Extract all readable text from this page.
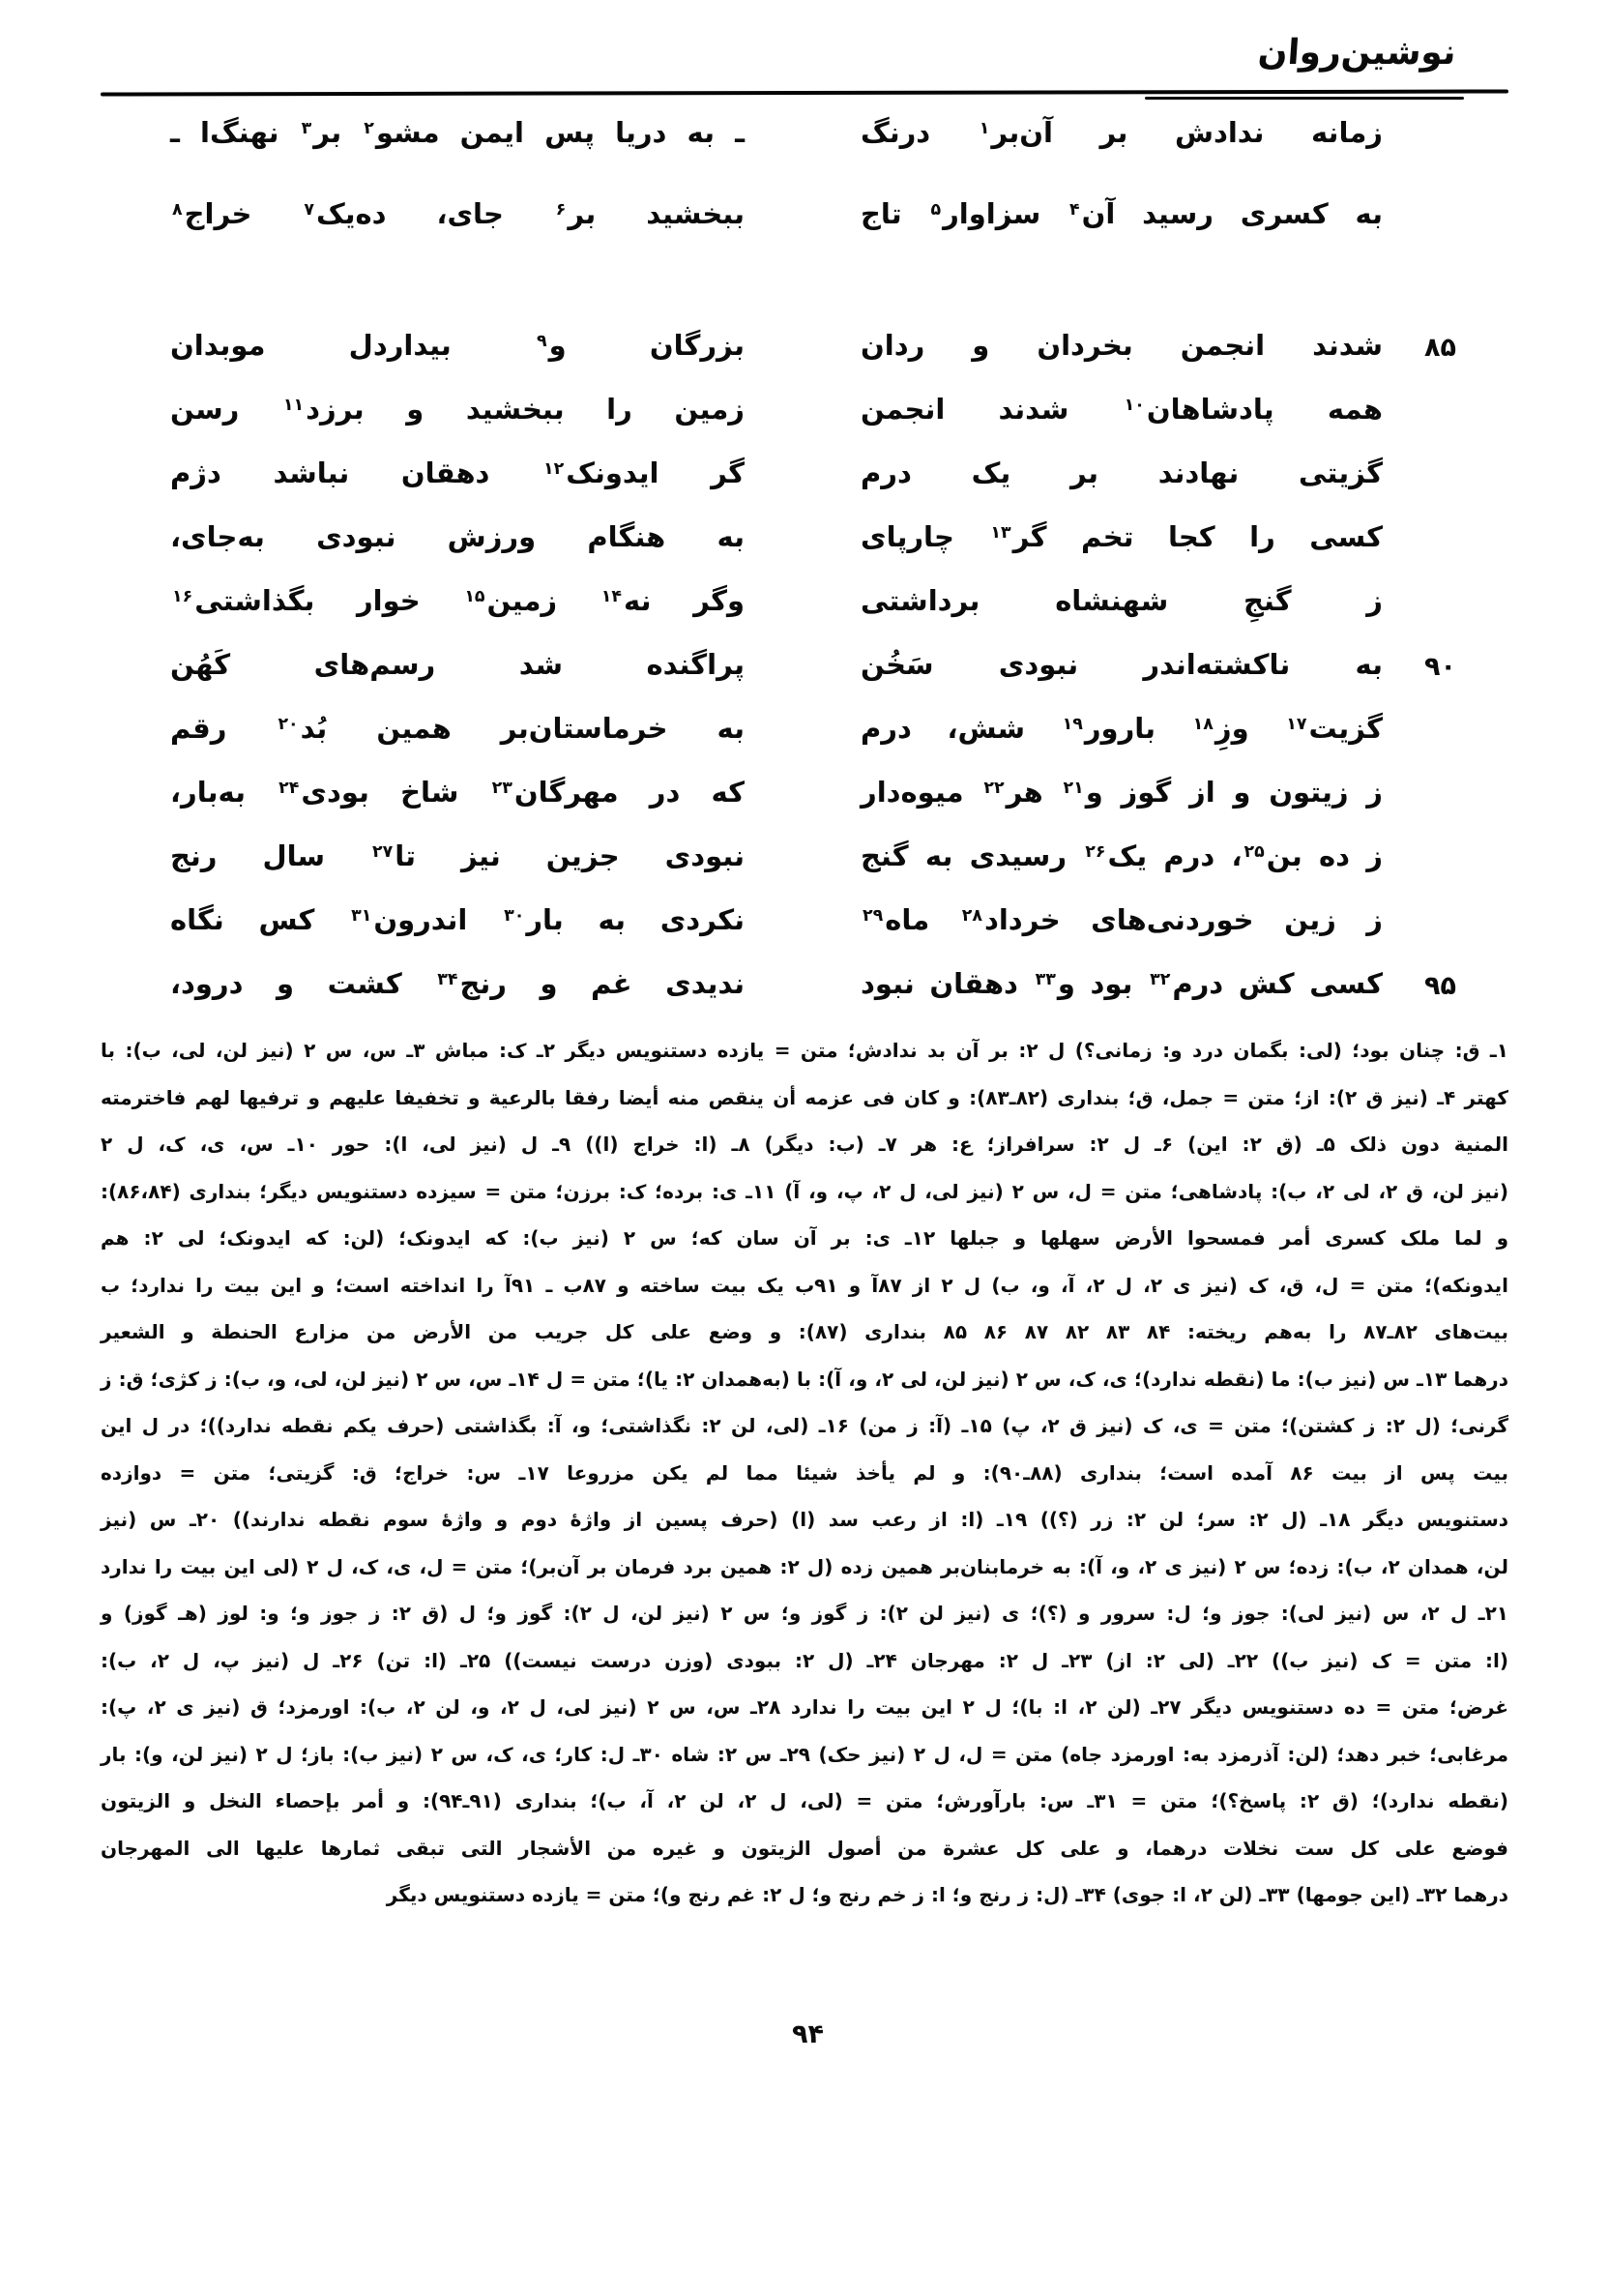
نوشین‌روان
زمانه ندادش بر آن‌بر$^۱$ درنگ
ـ به دریا پس ایمن مشو$^۲$ بر$^۳$ نهنگ‌ا ـ
به کسری رسید آن$^۴$ سزاوار$^۵$ تاج
ببخشید بر$^۶$ جای، ده‌یک$^۷$ خراج$^۸$
۸۵
شدند انجمن بخردان و ردان
بزرگان و$^۹$ بیداردل موبدان
همه پادشاهان$^{۱۰}$ شدند انجمن
زمین را ببخشید و برزد$^{۱۱}$ رسن
گزیتی نهادند بر یک درم
گر ایدونک$^{۱۲}$ دهقان نباشد دژم
کسی را کجا تخم گر$^{۱۳}$ چارپای
به هنگام ورزش نبودی به‌جای،
ز گنجِ شهنشاه برداشتی
وگر نه$^{۱۴}$ زمین$^{۱۵}$ خوار بگذاشتی$^{۱۶}$
۹۰
به ناکشته‌اندر نبودی سَخُن
پراگنده شد رسم‌های کَهُن
گزیت$^{۱۷}$ وزِ$^{۱۸}$ بارور$^{۱۹}$ شش، درم
به خرماستان‌بر همین بُد$^{۲۰}$ رقم
ز زیتون و از گوز و$^{۲۱}$ هر$^{۲۲}$ میوه‌دار
که در مهرگان$^{۲۳}$ شاخ بودی$^{۲۴}$ به‌بار،
ز ده بن$^{۲۵}$، درم یک$^{۲۶}$ رسیدی به گنج
نبودی جزین نیز تا$^{۲۷}$ سال رنج
ز زین خوردنی‌های خرداد$^{۲۸}$ ماه$^{۲۹}$
نکردی به بار$^{۳۰}$ اندرون$^{۳۱}$ کس نگاه
۹۵
کسی کش درم$^{۳۲}$ بود و$^{۳۳}$ دهقان نبود
ندیدی غم و رنج$^{۳۴}$ کشت و درود،
۱ـ ق: چنان بود؛ (لی: بگمان درد و: زمانی؟) ل ۲: بر آن بد ندادش؛ متن = یازده دستنویس دیگر ۲ـ ک: مباش ۳ـ س، س ۲ (نیز لن، لی، ب): با
کهتر ۴ـ (نیز ق ۲): از؛ متن = جمل، ق؛ بنداری (۸۲ـ۸۳): و کان فی عزمه أن ینقص منه أیضا رفقا بالرعیة و تخفیفا علیهم و ترفیها لهم فاخترمته
المنیة دون ذلک ۵ـ (ق ۲: این) ۶ـ ل ۲: سرافراز؛ ع: هر ۷ـ (ب: دیگر) ۸ـ (ا: خراج (ا)) ۹ـ ل (نیز لی، ا): حور ۱۰ـ س، ی، ک، ل ۲
(نیز لن، ق ۲، لی ۲، ب): پادشاهی؛ متن = ل، س ۲ (نیز لی، ل ۲، پ، و، آ) ۱۱ـ ی: برده؛ ک: برزن؛ متن = سیزده دستنویس دیگر؛ بنداری (۸۶،۸۴):
و لما ملک کسری أمر فمسحوا الأرض سهلها و جبلها ۱۲ـ ی: بر آن سان که؛ س ۲ (نیز ب): که ایدونک؛ (لن: که ایدونک؛ لی ۲: هم
ایدونکه)؛ متن = ل، ق، ک (نیز ی ۲، ل ۲، آ، و، ب) ل ۲ از ۸۷آ و ۹۱ب یک بیت ساخته و ۸۷ب ـ ۹۱آ را انداخته است؛ و این بیت را ندارد؛ ب
بیت‌های ۸۲ـ۸۷ را به‌هم ریخته: ۸۴ ۸۳ ۸۲ ۸۷ ۸۶ ۸۵ بنداری (۸۷): و وضع علی کل جریب من الأرض من مزارع الحنطة و الشعیر
درهما ۱۳ـ س (نیز ب): ما (نقطه ندارد)؛ ی، ک، س ۲ (نیز لن، لی ۲، و، آ): با (به‌همدان ۲: یا)؛ متن = ل ۱۴ـ س، س ۲ (نیز لن، لی، و، ب): ز کژی؛ ق: ز
گرنی؛ (ل ۲: ز کشتن)؛ متن = ی، ک (نیز ق ۲، پ) ۱۵ـ (آ: ز من) ۱۶ـ (لی، لن ۲: نگذاشتی؛ و، آ: بگذاشتی (حرف یکم نقطه ندارد))؛ در ل این
بیت پس از بیت ۸۶ آمده است؛ بنداری (۸۸ـ۹۰): و لم یأخذ شیئا مما لم یکن مزروعا ۱۷ـ س: خراج؛ ق: گزیتی؛ متن = دوازده
دستنویس دیگر ۱۸ـ (ل ۲: سر؛ لن ۲: زر (؟)) ۱۹ـ (ا: از رعب سد (ا) (حرف پسین از واژهٔ دوم و واژهٔ سوم نقطه ندارند)) ۲۰ـ س (نیز
لن، همدان ۲، ب): زده؛ س ۲ (نیز ی ۲، و، آ): به خرمابنان‌بر همین زده (ل ۲: همین برد فرمان بر آن‌بر)؛ متن = ل، ی، ک، ل ۲ (لی این بیت را ندارد
۲۱ـ ل ۲، س (نیز لی): جوز و؛ ل: سرور و (؟)؛ ی (نیز لن ۲): ز گوز و؛ س ۲ (نیز لن، ل ۲): گوز و؛ ل (ق ۲: ز جوز و؛ و: لوز (هـ گوز) و
(ا: متن = ک (نیز ب)) ۲۲ـ (لی ۲: از) ۲۳ـ ل ۲: مهرجان ۲۴ـ (ل ۲: ببودی (وزن درست نیست)) ۲۵ـ (ا: تن) ۲۶ـ ل (نیز پ، ل ۲، ب):
غرض؛ متن = ده دستنویس دیگر ۲۷ـ (لن ۲، ا: با)؛ ل ۲ این بیت را ندارد ۲۸ـ س، س ۲ (نیز لی، ل ۲، و، لن ۲، ب): اورمزد؛ ق (نیز ی ۲، پ):
مرغابی؛ خبر دهد؛ (لن: آذرمزد به: اورمزد جاه) متن = ل، ل ۲ (نیز حک) ۲۹ـ س ۲: شاه ۳۰ـ ل: کار؛ ی، ک، س ۲ (نیز ب): باز؛ ل ۲ (نیز لن، و): بار
(نقطه ندارد)؛ (ق ۲: پاسخ؟)؛ متن = ۳۱ـ س: بارآورش؛ متن = (لی، ل ۲، لن ۲، آ، ب)؛ بنداری (۹۱ـ۹۴): و أمر بإحصاء النخل و الزیتون
فوضع علی کل ست نخلات درهما، و علی کل عشرة من أصول الزیتون و غیره من الأشجار التی تبقی ثمارها علیها الی المهرجان
درهما ۳۲ـ (این جومها) ۳۳ـ (لن ۲، ا: جوی) ۳۴ـ (ل: ز رنج و؛ ا: ز خم رنج و؛ ل ۲: غم رنج و)؛ متن = یازده دستنویس دیگر
۹۴
